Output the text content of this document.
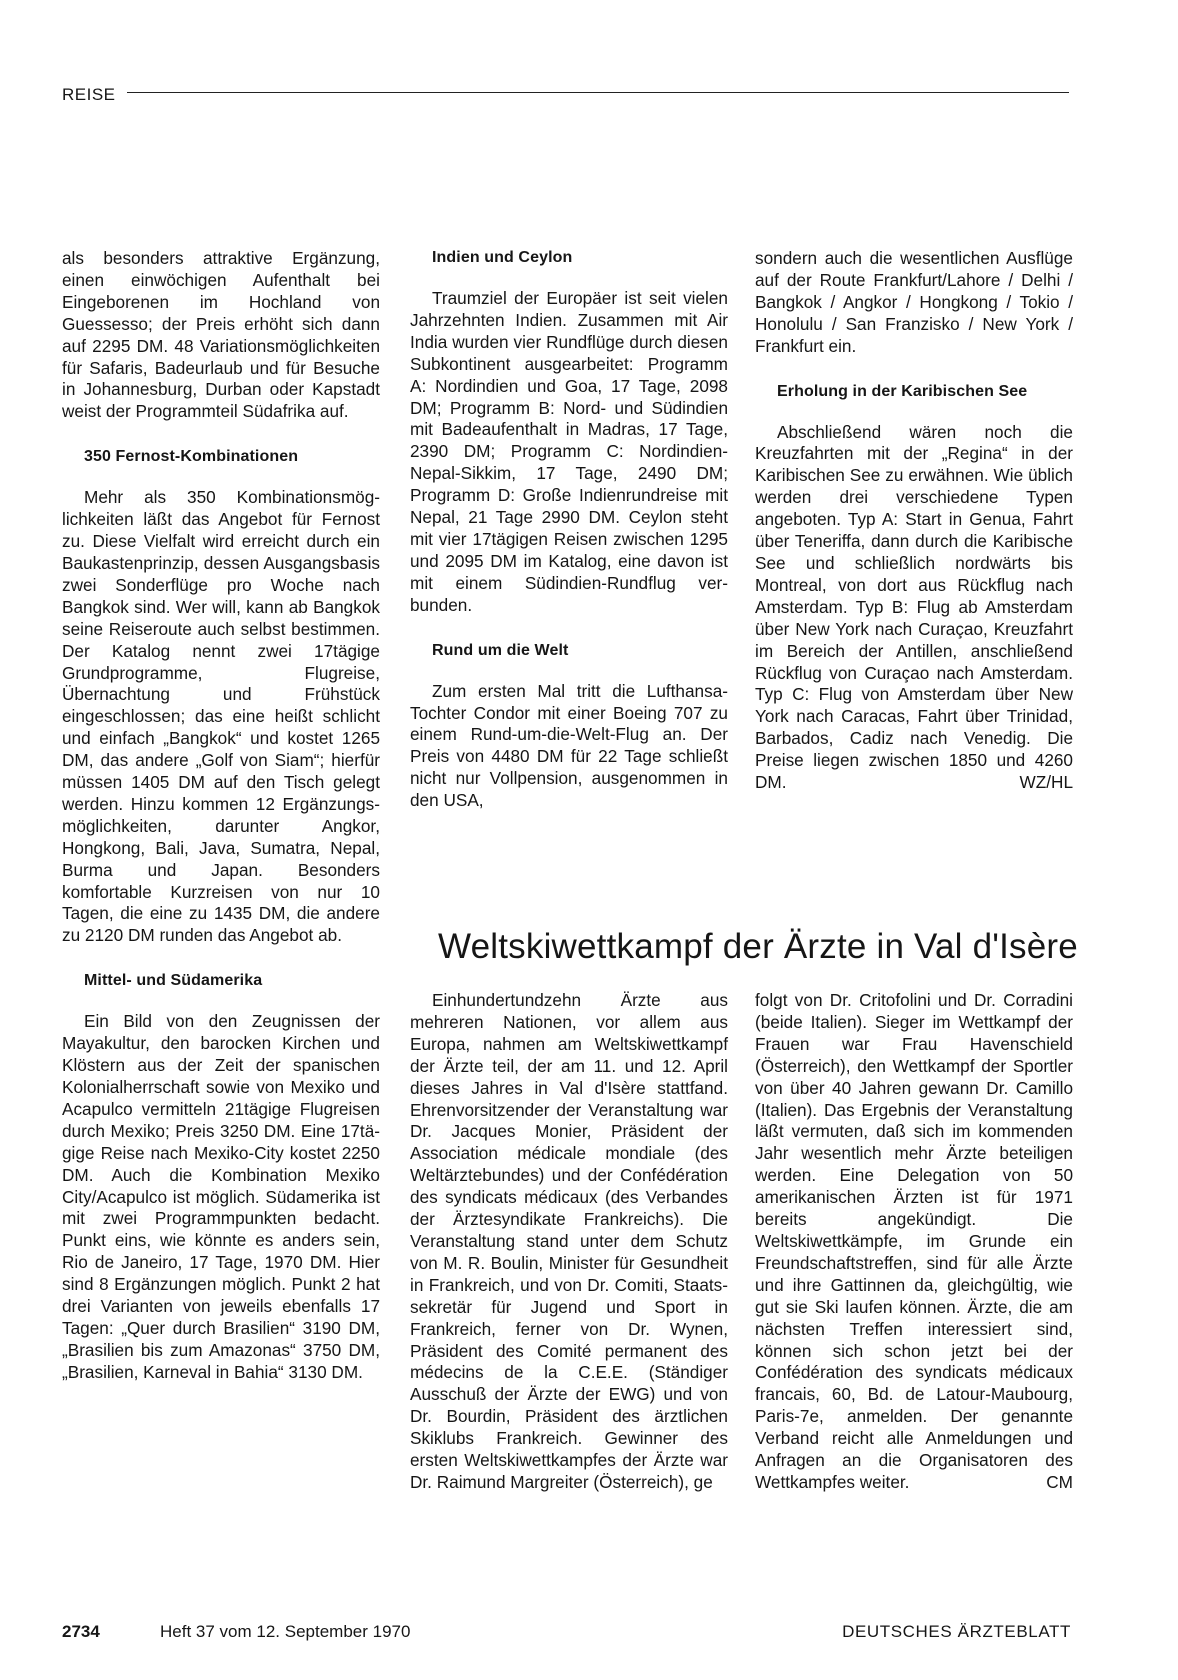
REISE

als besonders attraktive Ergänzung, einen einwöchigen Aufenthalt bei Eingeborenen im Hochland von Guessesso; der Preis erhöht sich dann auf 2295 DM. 48 Variationsmöglichkeiten für Safaris, Badeurlaub und für Besuche in Johannesburg, Durban oder Kapstadt weist der Programmteil Südafrika auf.

350 Fernost-Kombinationen

Mehr als 350 Kombinationsmöglichkeiten läßt das Angebot für Fernost zu. Diese Vielfalt wird erreicht durch ein Baukastenprinzip, dessen Ausgangsbasis zwei Sonderflüge pro Woche nach Bangkok sind. Wer will, kann ab Bangkok seine Reiseroute auch selbst bestimmen. Der Katalog nennt zwei 17tägige Grundprogramme, Flugreise, Übernachtung und Frühstück eingeschlossen; das eine heißt schlicht und einfach „Bangkok“ und kostet 1265 DM, das andere „Golf von Siam“; hierfür müssen 1405 DM auf den Tisch gelegt werden. Hinzu kommen 12 Ergänzungsmöglichkeiten, darunter Angkor, Hongkong, Bali, Java, Sumatra, Nepal, Burma und Japan. Besonders komfortable Kurzreisen von nur 10 Tagen, die eine zu 1435 DM, die andere zu 2120 DM runden das Angebot ab.

Mittel- und Südamerika

Ein Bild von den Zeugnissen der Mayakultur, den barocken Kirchen und Klöstern aus der Zeit der spanischen Kolonialherrschaft sowie von Mexiko und Acapulco vermitteln 21tägige Flugreisen durch Mexiko; Preis 3250 DM. Eine 17tägige Reise nach Mexiko-City kostet 2250 DM. Auch die Kombination Mexiko City/Acapulco ist möglich. Südamerika ist mit zwei Programmpunkten bedacht. Punkt eins, wie könnte es anders sein, Rio de Janeiro, 17 Tage, 1970 DM. Hier sind 8 Ergänzungen möglich. Punkt 2 hat drei Varianten von jeweils ebenfalls 17 Tagen: „Quer durch Brasilien“ 3190 DM, „Brasilien bis zum Amazonas“ 3750 DM, „Brasilien, Karneval in Bahia“ 3130 DM.

Indien und Ceylon

Traumziel der Europäer ist seit vielen Jahrzehnten Indien. Zusammen mit Air India wurden vier Rundflüge durch diesen Subkontinent ausgearbeitet: Programm A: Nordindien und Goa, 17 Tage, 2098 DM; Programm B: Nord- und Südindien mit Badeaufenthalt in Madras, 17 Tage, 2390 DM; Programm C: Nordindien-Nepal-Sikkim, 17 Tage, 2490 DM; Programm D: Große Indienrundreise mit Nepal, 21 Tage 2990 DM. Ceylon steht mit vier 17tägigen Reisen zwischen 1295 und 2095 DM im Katalog, eine davon ist mit einem Südindien-Rundflug verbunden.

Rund um die Welt

Zum ersten Mal tritt die Lufthansa-Tochter Condor mit einer Boeing 707 zu einem Rund-um-die-Welt-Flug an. Der Preis von 4480 DM für 22 Tage schließt nicht nur Vollpension, ausgenommen in den USA,

sondern auch die wesentlichen Ausflüge auf der Route Frankfurt/Lahore / Delhi / Bangkok / Angkor / Hongkong / Tokio / Honolulu / San Franzisko / New York / Frankfurt ein.

Erholung in der Karibischen See

Abschließend wären noch die Kreuzfahrten mit der „Regina“ in der Karibischen See zu erwähnen. Wie üblich werden drei verschiedene Typen angeboten. Typ A: Start in Genua, Fahrt über Teneriffa, dann durch die Karibische See und schließlich nordwärts bis Montreal, von dort aus Rückflug nach Amsterdam. Typ B: Flug ab Amsterdam über New York nach Curaçao, Kreuzfahrt im Bereich der Antillen, anschließend Rückflug von Curaçao nach Amsterdam. Typ C: Flug von Amsterdam über New York nach Caracas, Fahrt über Trinidad, Barbados, Cadiz nach Venedig. Die Preise liegen zwischen 1850 und 4260 DM.	WZ/HL

Weltskiwettkampf der Ärzte in Val d'Isère

Einhundertundzehn Ärzte aus mehreren Nationen, vor allem aus Europa, nahmen am Weltskiwettkampf der Ärzte teil, der am 11. und 12. April dieses Jahres in Val d'Isère stattfand. Ehrenvorsitzender der Veranstaltung war Dr. Jacques Monier, Präsident der Association médicale mondiale (des Weltärztebundes) und der Confédération des syndicats médicaux (des Verbandes der Ärztesyndikate Frankreichs). Die Veranstaltung stand unter dem Schutz von M. R. Boulin, Minister für Gesundheit in Frankreich, und von Dr. Comiti, Staatssekretär für Jugend und Sport in Frankreich, ferner von Dr. Wynen, Präsident des Comité permanent des médecins de la C.E.E. (Ständiger Ausschuß der Ärzte der EWG) und von Dr. Bourdin, Präsident des ärztlichen Skiklubs Frankreich. Gewinner des ersten Weltskiwettkampfes der Ärzte war Dr. Raimund Margreiter (Österreich), ge

folgt von Dr. Critofolini und Dr. Corradini (beide Italien). Sieger im Wettkampf der Frauen war Frau Havenschield (Österreich), den Wettkampf der Sportler von über 40 Jahren gewann Dr. Camillo (Italien). Das Ergebnis der Veranstaltung läßt vermuten, daß sich im kommenden Jahr wesentlich mehr Ärzte beteiligen werden. Eine Delegation von 50 amerikanischen Ärzten ist für 1971 bereits angekündigt. Die Weltskiwettkämpfe, im Grunde ein Freundschaftstreffen, sind für alle Ärzte und ihre Gattinnen da, gleichgültig, wie gut sie Ski laufen können. Ärzte, die am nächsten Treffen interessiert sind, können sich schon jetzt bei der Confédération des syndicats médicaux francais, 60, Bd. de Latour-Maubourg, Paris-7e, anmelden. Der genannte Verband reicht alle Anmeldungen und Anfragen an die Organisatoren des Wettkampfes weiter.	CM

2734	Heft 37 vom 12. September 1970	DEUTSCHES ÄRZTEBLATT
